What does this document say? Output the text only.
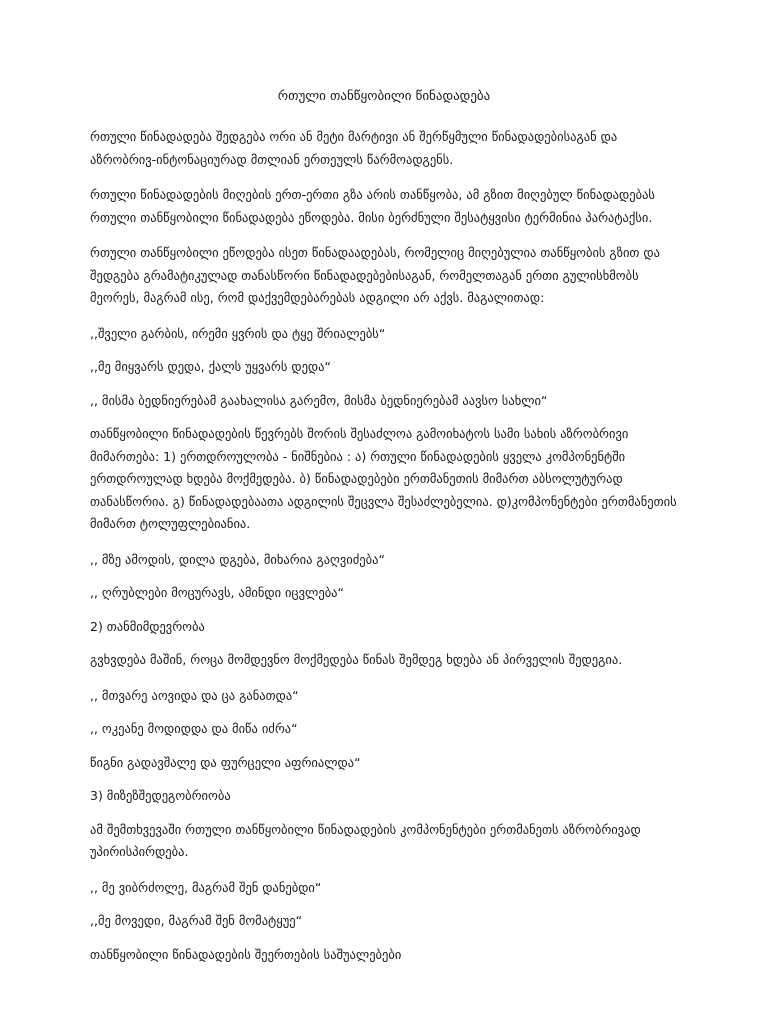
რთული თანწყობილი წინადადება

რთული წინადადება შედგება ორი ან მეტი მარტივი ან შერწყმული წინადადებისაგან და აზრობრივ-ინტონაციურად მთლიან ერთეულს წარმოადგენს.

რთული წინადადების მიღების ერთ-ერთი გზა არის თანწყობა, ამ გზით მიღებულ წინადადებას რთული თანწყობილი წინადადება ეწოდება. მისი ბერძნული შესატყვისი ტერმინია პარატაქსი.

რთული თანწყობილი ეწოდება ისეთ წინადაადებას, რომელიც მიღებულია თანწყობის გზით და შედგება გრამატიკულად თანასწორი წინადადებებისაგან, რომელთაგან ერთი გულისხმობს მეორეს, მაგრამ ისე, რომ დაქვემდებარებას ადგილი არ აქვს. მაგალითად:

,,შველი გარბის, ირემი ყვრის და ტყე შრიალებს“

,,მე მიყვარს დედა, ქალს უყვარს დედა“

,, მისმა ბედნიერებამ გაახალისა გარემო, მისმა ბედნიერებამ აავსო სახლი“

თანწყობილი წინადადების წევრებს შორის შესაძლოა გამოიხატოს სამი სახის აზრობრივი მიმართება: 1) ერთდროულობა - ნიშნებია : ა) რთული წინადადების ყველა კომპონენტში ერთდროულად ხდება მოქმედება. ბ) წინადადებები ერთმანეთის მიმართ აბსოლუტურად თანასწორია. გ) წინადადებაათა ადგილის შეცვლა შესაძლებელია. დ)კომპონენტები ერთმანეთის მიმართ ტოლუფლებიანია.

,, მზე ამოდის, დილა დგება, მიხარია გაღვიძება“

,, ღრუბლები მოცურავს, ამინდი იცვლება“

2) თანმიმდევრობა

გვხვდება მაშინ, როცა მომდევნო მოქმედება წინას შემდეგ ხდება ან პირველის შედეგია.

,, მთვარე აოვიდა და ცა განათდა“

,, ოკეანე მოდიდდა და მიწა იძრა“

წიგნი გადავშალე და ფურცელი აფრიალდა“

3) მიზეზშედეგობრიობა

ამ შემთხვევაში რთული თანწყობილი წინადადების კომპონენტები ერთმანეთს აზრობრივად უპირისპირდება.

,, მე ვიბრძოლე, მაგრამ შენ დანებდი“

,,მე მოვედი, მაგრამ შენ მომატყუე“

თანწყობილი წინადადების შეერთების საშუალებები
